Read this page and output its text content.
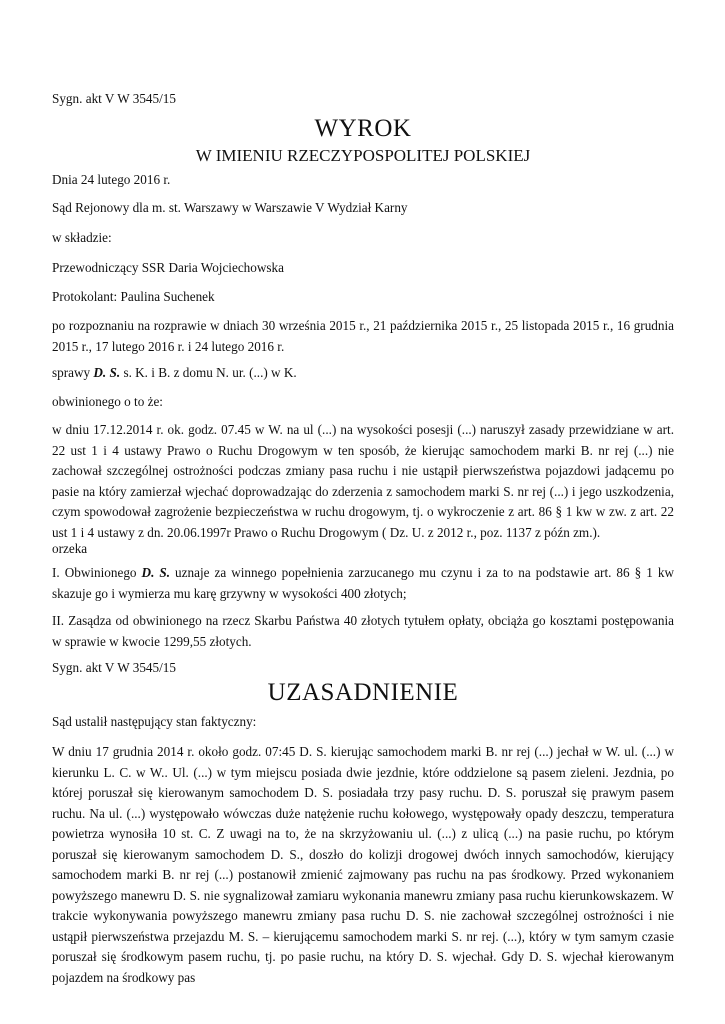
Sygn. akt V W 3545/15

WYROK
W IMIENIU RZECZYPOSPOLITEJ POLSKIEJ

Dnia 24 lutego 2016 r.

Sąd Rejonowy dla m. st. Warszawy w Warszawie V Wydział Karny

w składzie:

Przewodniczący SSR Daria Wojciechowska

Protokolant: Paulina Suchenek

po rozpoznaniu na rozprawie w dniach 30 września 2015 r., 21 października 2015 r., 25 listopada 2015 r., 16 grudnia 2015 r., 17 lutego 2016 r. i 24 lutego 2016 r.

sprawy D. S. s. K. i B. z domu N. ur. (...) w K.

obwinionego o to że:

w dniu 17.12.2014 r. ok. godz. 07.45 w W. na ul (...) na wysokości posesji (...) naruszył zasady przewidziane w art. 22 ust 1 i 4 ustawy Prawo o Ruchu Drogowym w ten sposób, że kierując samochodem marki B. nr rej (...) nie zachował szczególnej ostrożności podczas zmiany pasa ruchu i nie ustąpił pierwszeństwa pojazdowi jadącemu po pasie na który zamierzał wjechać doprowadzając do zderzenia z samochodem marki S. nr rej (...) i jego uszkodzenia, czym spowodował zagrożenie bezpieczeństwa w ruchu drogowym, tj. o wykroczenie z art. 86 § 1 kw w zw. z art. 22 ust 1 i 4 ustawy z dn. 20.06.1997r Prawo o Ruchu Drogowym ( Dz. U. z 2012 r., poz. 1137 z późn zm.).

orzeka

I. Obwinionego D. S. uznaje za winnego popełnienia zarzucanego mu czynu i za to na podstawie art. 86 § 1 kw skazuje go i wymierza mu karę grzywny w wysokości 400 złotych;

II. Zasądza od obwinionego na rzecz Skarbu Państwa 40 złotych tytułem opłaty, obciąża go kosztami postępowania w sprawie w kwocie 1299,55 złotych.

Sygn. akt V W 3545/15

UZASADNIENIE

Sąd ustalił następujący stan faktyczny:

W dniu 17 grudnia 2014 r. około godz. 07:45 D. S. kierując samochodem marki B. nr rej (...) jechał w W. ul. (...) w kierunku L. C. w W.. Ul. (...) w tym miejscu posiada dwie jezdnie, które oddzielone są pasem zieleni. Jezdnia, po której poruszał się kierowanym samochodem D. S. posiadała trzy pasy ruchu. D. S. poruszał się prawym pasem ruchu. Na ul. (...) występowało wówczas duże natężenie ruchu kołowego, występowały opady deszczu, temperatura powietrza wynosiła 10 st. C. Z uwagi na to, że na skrzyżowaniu ul. (...) z ulicą (...) na pasie ruchu, po którym poruszał się kierowanym samochodem D. S., doszło do kolizji drogowej dwóch innych samochodów, kierujący samochodem marki B. nr rej (...) postanowił zmienić zajmowany pas ruchu na pas środkowy. Przed wykonaniem powyższego manewru D. S. nie sygnalizował zamiaru wykonania manewru zmiany pasa ruchu kierunkowskazem. W trakcie wykonywania powyższego manewru zmiany pasa ruchu D. S. nie zachował szczególnej ostrożności i nie ustąpił pierwszeństwa przejazdu M. S. – kierującemu samochodem marki S. nr rej. (...), który w tym samym czasie poruszał się środkowym pasem ruchu, tj. po pasie ruchu, na który D. S. wjechał. Gdy D. S. wjechał kierowanym pojazdem na środkowy pas
